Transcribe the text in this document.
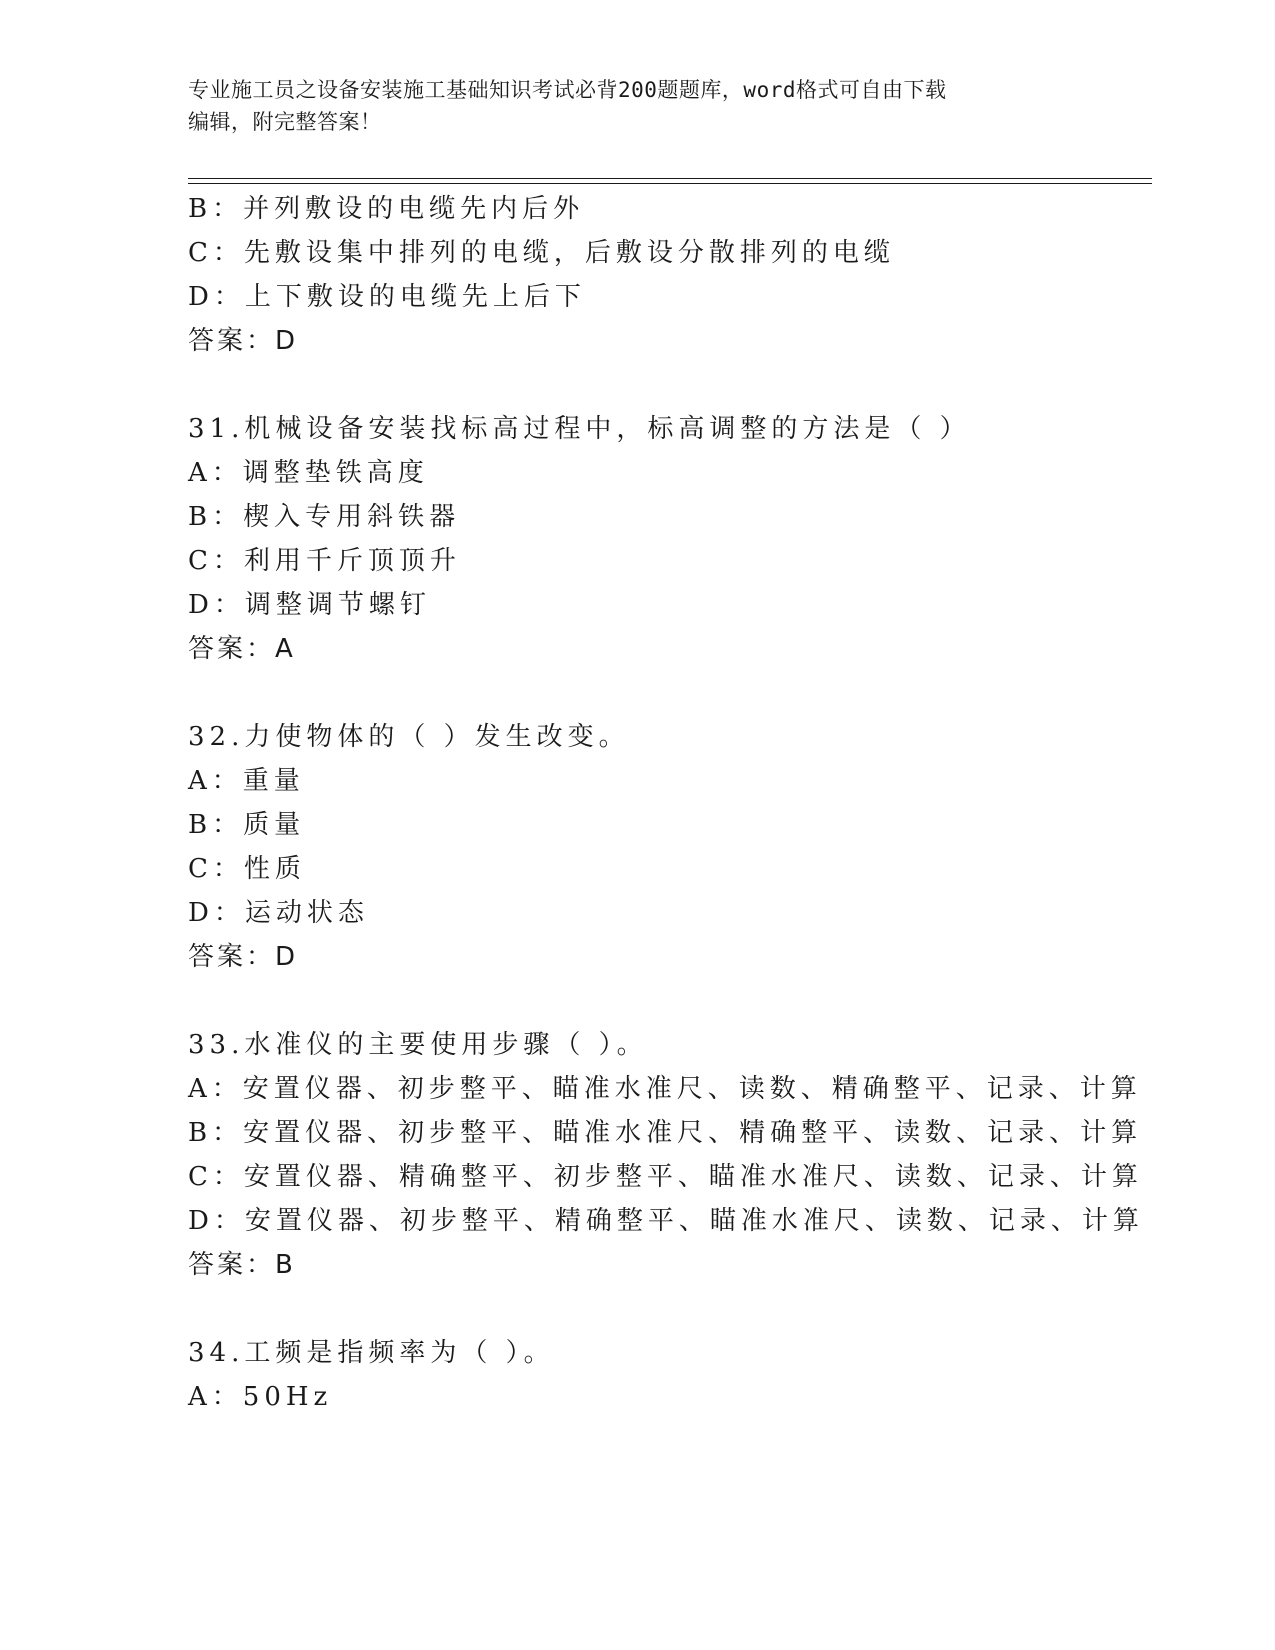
专业施工员之设备安装施工基础知识考试必背200题题库，word格式可自由下载
编辑，附完整答案！
B：并列敷设的电缆先内后外
C：先敷设集中排列的电缆，后敷设分散排列的电缆
D：上下敷设的电缆先上后下
答案：D
31.机械设备安装找标高过程中，标高调整的方法是（ ）
A：调整垫铁高度
B：楔入专用斜铁器
C：利用千斤顶顶升
D：调整调节螺钉
答案：A
32.力使物体的（ ）发生改变。
A：重量
B：质量
C：性质
D：运动状态
答案：D
33.水准仪的主要使用步骤（ ）。
A：安置仪器、初步整平、瞄准水准尺、读数、精确整平、记录、计算
B：安置仪器、初步整平、瞄准水准尺、精确整平、读数、记录、计算
C：安置仪器、精确整平、初步整平、瞄准水准尺、读数、记录、计算
D：安置仪器、初步整平、精确整平、瞄准水准尺、读数、记录、计算
答案：B
34.工频是指频率为（ ）。
A：50Hz
